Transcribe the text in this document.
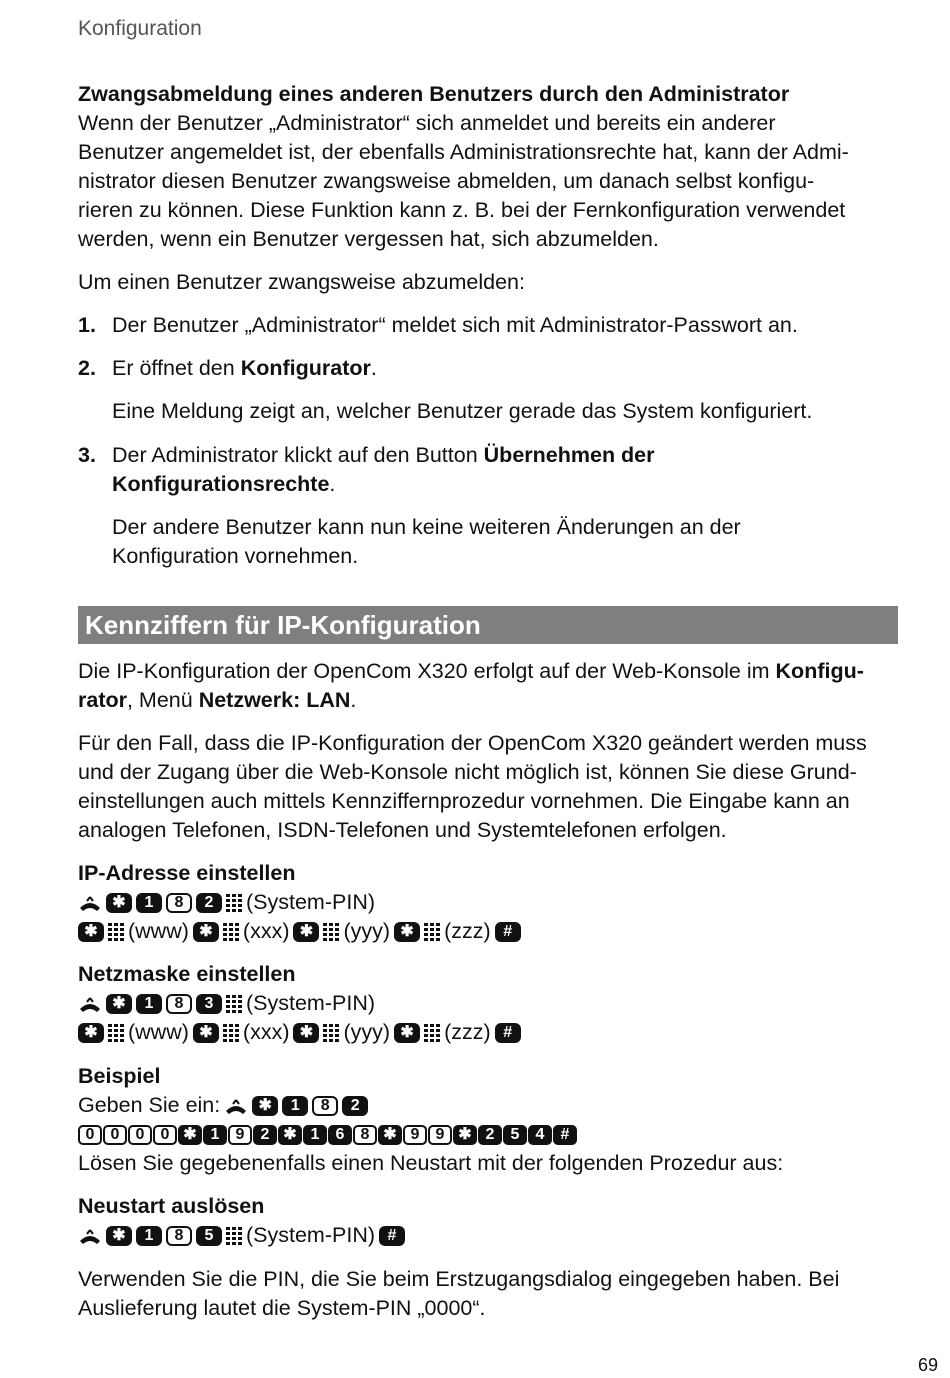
Konfiguration

Zwangsabmeldung eines anderen Benutzers durch den Administrator

Wenn der Benutzer „Administrator“ sich anmeldet und bereits ein anderer

Benutzer angemeldet ist, der ebenfalls Administrationsrechte hat, kann der Admi-

nistrator diesen Benutzer zwangsweise abmelden, um danach selbst konfigu-

rieren zu können. Diese Funktion kann z. B. bei der Fernkonfiguration verwendet

werden, wenn ein Benutzer vergessen hat, sich abzumelden.

Um einen Benutzer zwangsweise abzumelden:

1. Der Benutzer „Administrator“ meldet sich mit Administrator-Passwort an.
2. Er öffnet den Konfigurator.
Eine Meldung zeigt an, welcher Benutzer gerade das System konfiguriert.
3. Der Administrator klickt auf den Button Übernehmen der
Konfigurationsrechte.
Der andere Benutzer kann nun keine weiteren Änderungen an der
Konfiguration vornehmen.
Kennziffern für IP-Konfiguration

Die IP-Konfiguration der OpenCom X320 erfolgt auf der Web-Konsole im Konfigu-
rator, Menü Netzwerk: LAN.

Für den Fall, dass die IP-Konfiguration der OpenCom X320 geändert werden muss

und der Zugang über die Web-Konsole nicht möglich ist, können Sie diese Grund-

einstellungen auch mittels Kennziffernprozedur vornehmen. Die Eingabe kann an

analogen Telefonen, ISDN-Telefonen und Systemtelefonen erfolgen.

IP-Adresse einstellen

✱	1	8	2	(System-PIN)
✱ (www) ✱ (xxx) ✱ (yyy) ✱ (zzz) #

Netzmaske einstellen

✱	1	8	3	(System-PIN)
✱ (www) ✱ (xxx) ✱ (yyy) ✱ (zzz) #

Beispiel

Geben Sie ein:	✱	1	8	2
0	0	0	0 ✱ 1	9	2 ✱ 1	6	8 ✱ 9	9 ✱ 2	5	4	#

Lösen Sie gegebenenfalls einen Neustart mit der folgenden Prozedur aus:

Neustart auslösen

✱	1	8	5	(System-PIN) #

Verwenden Sie die PIN, die Sie beim Erstzugangsdialog eingegeben haben. Bei

Auslieferung lautet die System-PIN „0000“.

69
